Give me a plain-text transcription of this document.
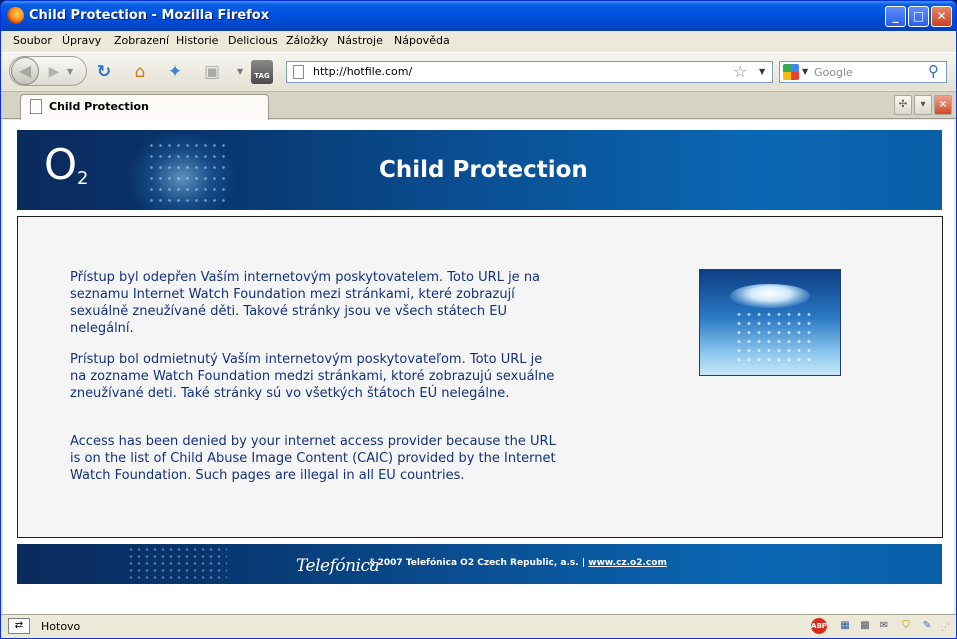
Child Protection - Mozilla Firefox	_	□	✕
Soubor Úpravy Zobrazení Historie Delicious Záložky Nástroje Nápověda
◀	▶ ▼ ↻	⌂	✦ ▣	▼	TAG	http://hotfile.com/	☆ ▼	▼ Google	⚲
Child Protection	✣	▾	×
O 2	Child Protection

Přístup byl odepřen Vaším internetovým poskytovatelem. Toto URL je na seznamu Internet Watch Foundation mezi stránkami, které zobrazují sexuálně zneužívané děti. Takové stránky jsou ve všech státech EU nelegální.

Prístup bol odmietnutý Vaším internetovým poskytovateľom. Toto URL je na zozname Watch Foundation medzi stránkami, ktoré zobrazujú sexuálne zneužívané deti. Také stránky sú vo všetkých štátoch EÚ nelegálne.

Access has been denied by your internet access provider because the URL is on the list of Child Abuse Image Content (CAIC) provided by the Internet Watch Foundation. Such pages are illegal in all EU countries.

Telefónica
§ 2007 Telefónica O2 Czech Republic, a.s. | www.cz.o2.com
⇄	Hotovo	ABP	▦	▩	✉	⛉	✎	⋰
